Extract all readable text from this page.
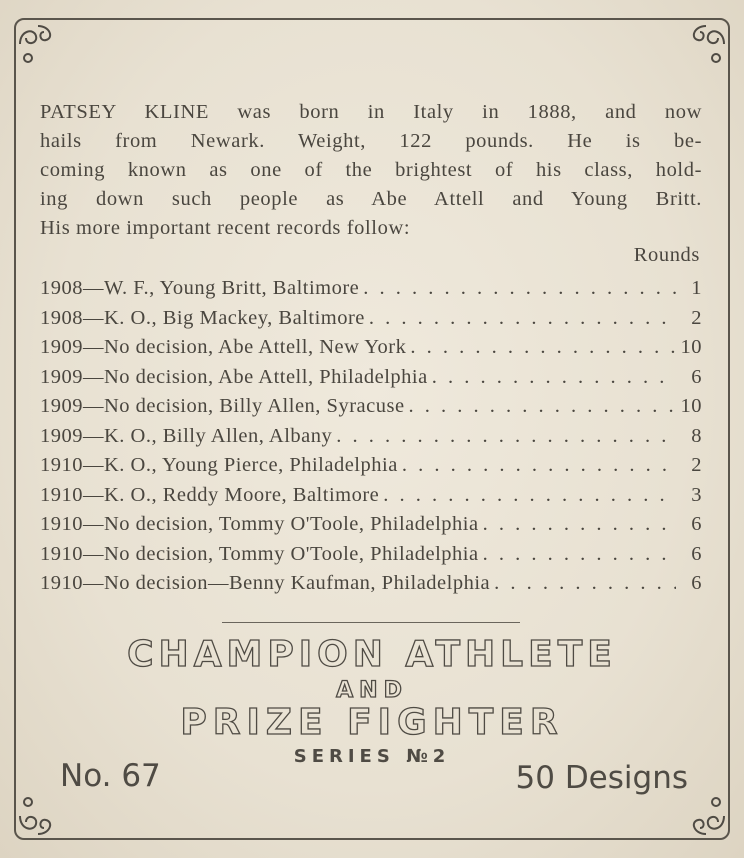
PATSEY KLINE was born in Italy in 1888, and now
hails from Newark. Weight, 122 pounds. He is be-
coming known as one of the brightest of his class, hold-
ing down such people as Abe Attell and Young Britt.
His more important recent records follow:
Rounds
1908—W. F., Young Britt, Baltimore . . .	1
1908—K. O., Big Mackey, Baltimore . . .	2
1909—No decision, Abe Attell, New York . . .	10
1909—No decision, Abe Attell, Philadelphia . . .	6
1909—No decision, Billy Allen, Syracuse . . .	10
1909—K. O., Billy Allen, Albany . . .	8
1910—K. O., Young Pierce, Philadelphia . . .	2
1910—K. O., Reddy Moore, Baltimore . . .	3
1910—No decision, Tommy O'Toole, Philadelphia . . .	6
1910—No decision, Tommy O'Toole, Philadelphia . . .	6
1910—No decision—Benny Kaufman, Philadelphia . . .	6
CHAMPION ATHLETE
AND
PRIZE FIGHTER
SERIES №2
No. 67	50 Designs
